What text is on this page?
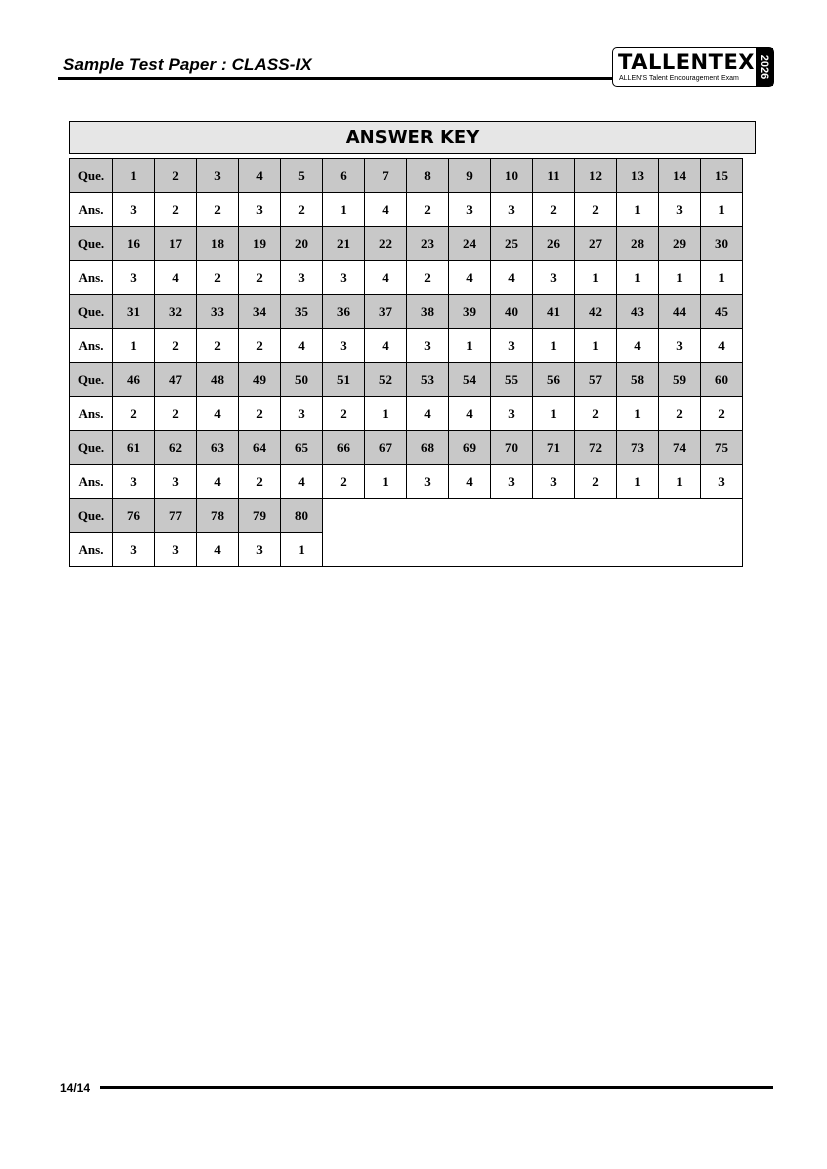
Sample Test Paper : CLASS-IX	TALLENTEX
ALLEN'S Talent Encouragement Exam 2026
ANSWER KEY
Que.	1	2	3	4	5	6	7	8	9	10	11	12	13	14	15
Ans.	3	2	2	3	2	1	4	2	3	3	2	2	1	3	1
Que.	16	17	18	19	20	21	22	23	24	25	26	27	28	29	30
Ans.	3	4	2	2	3	3	4	2	4	4	3	1	1	1	1
Que.	31	32	33	34	35	36	37	38	39	40	41	42	43	44	45
Ans.	1	2	2	2	4	3	4	3	1	3	1	1	4	3	4
Que.	46	47	48	49	50	51	52	53	54	55	56	57	58	59	60
Ans.	2	2	4	2	3	2	1	4	4	3	1	2	1	2	2
Que.	61	62	63	64	65	66	67	68	69	70	71	72	73	74	75
Ans.	3	3	4	2	4	2	1	3	4	3	3	2	1	1	3
Que.	76	77	78	79	80										
Ans.	3	3	4	3	1										
14/14
